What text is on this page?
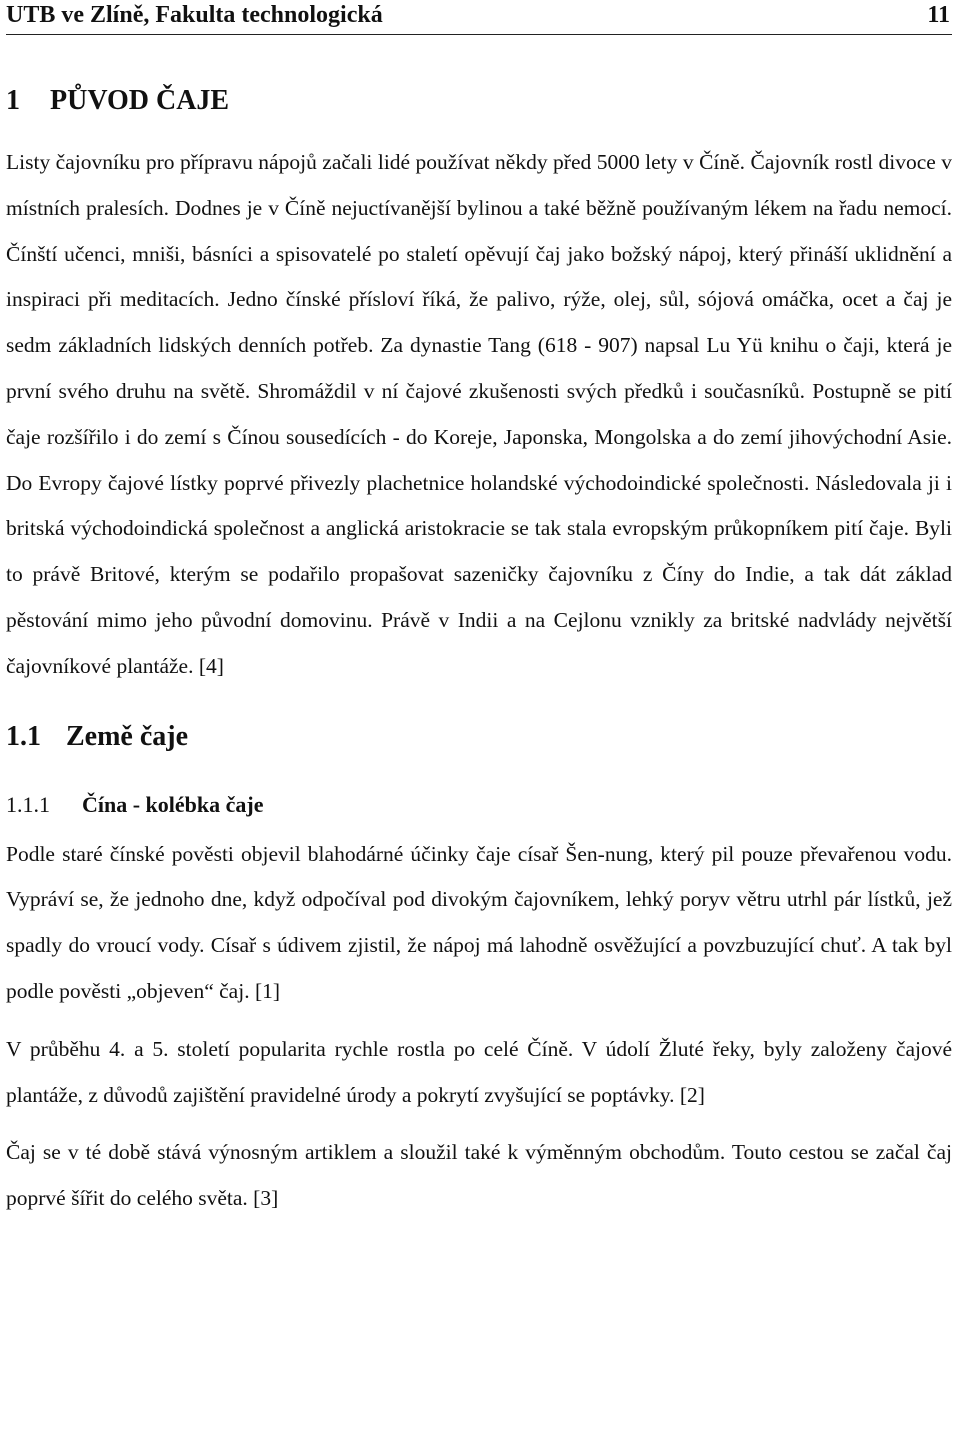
UTB ve Zlíně, Fakulta technologická	11
1 PŮVOD ČAJE

Listy čajovníku pro přípravu nápojů začali lidé používat někdy před 5000 lety v Číně. Čajovník rostl divoce v místních pralesích. Dodnes je v Číně nejuctívanější bylinou a také běžně používaným lékem na řadu nemocí. Čínští učenci, mniši, básníci a spisovatelé po staletí opěvují čaj jako božský nápoj, který přináší uklidnění a inspiraci při meditacích. Jedno čínské přísloví říká, že palivo, rýže, olej, sůl, sójová omáčka, ocet a čaj je sedm základních lidských denních potřeb. Za dynastie Tang (618 - 907) napsal Lu Yü knihu o čaji, která je první svého druhu na světě. Shromáždil v ní čajové zkušenosti svých předků i současníků. Postupně se pití čaje rozšířilo i do zemí s Čínou sousedících - do Koreje, Japonska, Mongolska a do zemí jihovýchodní Asie. Do Evropy čajové lístky poprvé přivezly plachetnice holandské východoindické společnosti. Následovala ji i britská východoindická společnost a anglická aristokracie se tak stala evropským průkopníkem pití čaje. Byli to právě Britové, kterým se podařilo propašovat sazeničky čajovníku z Číny do Indie, a tak dát základ pěstování mimo jeho původní domovinu. Právě v Indii a na Cejlonu vznikly za britské nadvlády největší čajovníkové plantáže. [4]

1.1 Země čaje
1.1.1 Čína - kolébka čaje

Podle staré čínské pověsti objevil blahodárné účinky čaje císař Šen-nung, který pil pouze převařenou vodu. Vypráví se, že jednoho dne, když odpočíval pod divokým čajovníkem, lehký poryv větru utrhl pár lístků, jež spadly do vroucí vody. Císař s údivem zjistil, že nápoj má lahodně osvěžující a povzbuzující chuť. A tak byl podle pověsti „objeven“ čaj. [1]

V průběhu 4. a 5. století popularita rychle rostla po celé Číně. V údolí Žluté řeky, byly založeny čajové plantáže, z důvodů zajištění pravidelné úrody a pokrytí zvyšující se poptávky. [2]

Čaj se v té době stává výnosným artiklem a sloužil také k výměnným obchodům. Touto cestou se začal čaj poprvé šířit do celého světa. [3]
